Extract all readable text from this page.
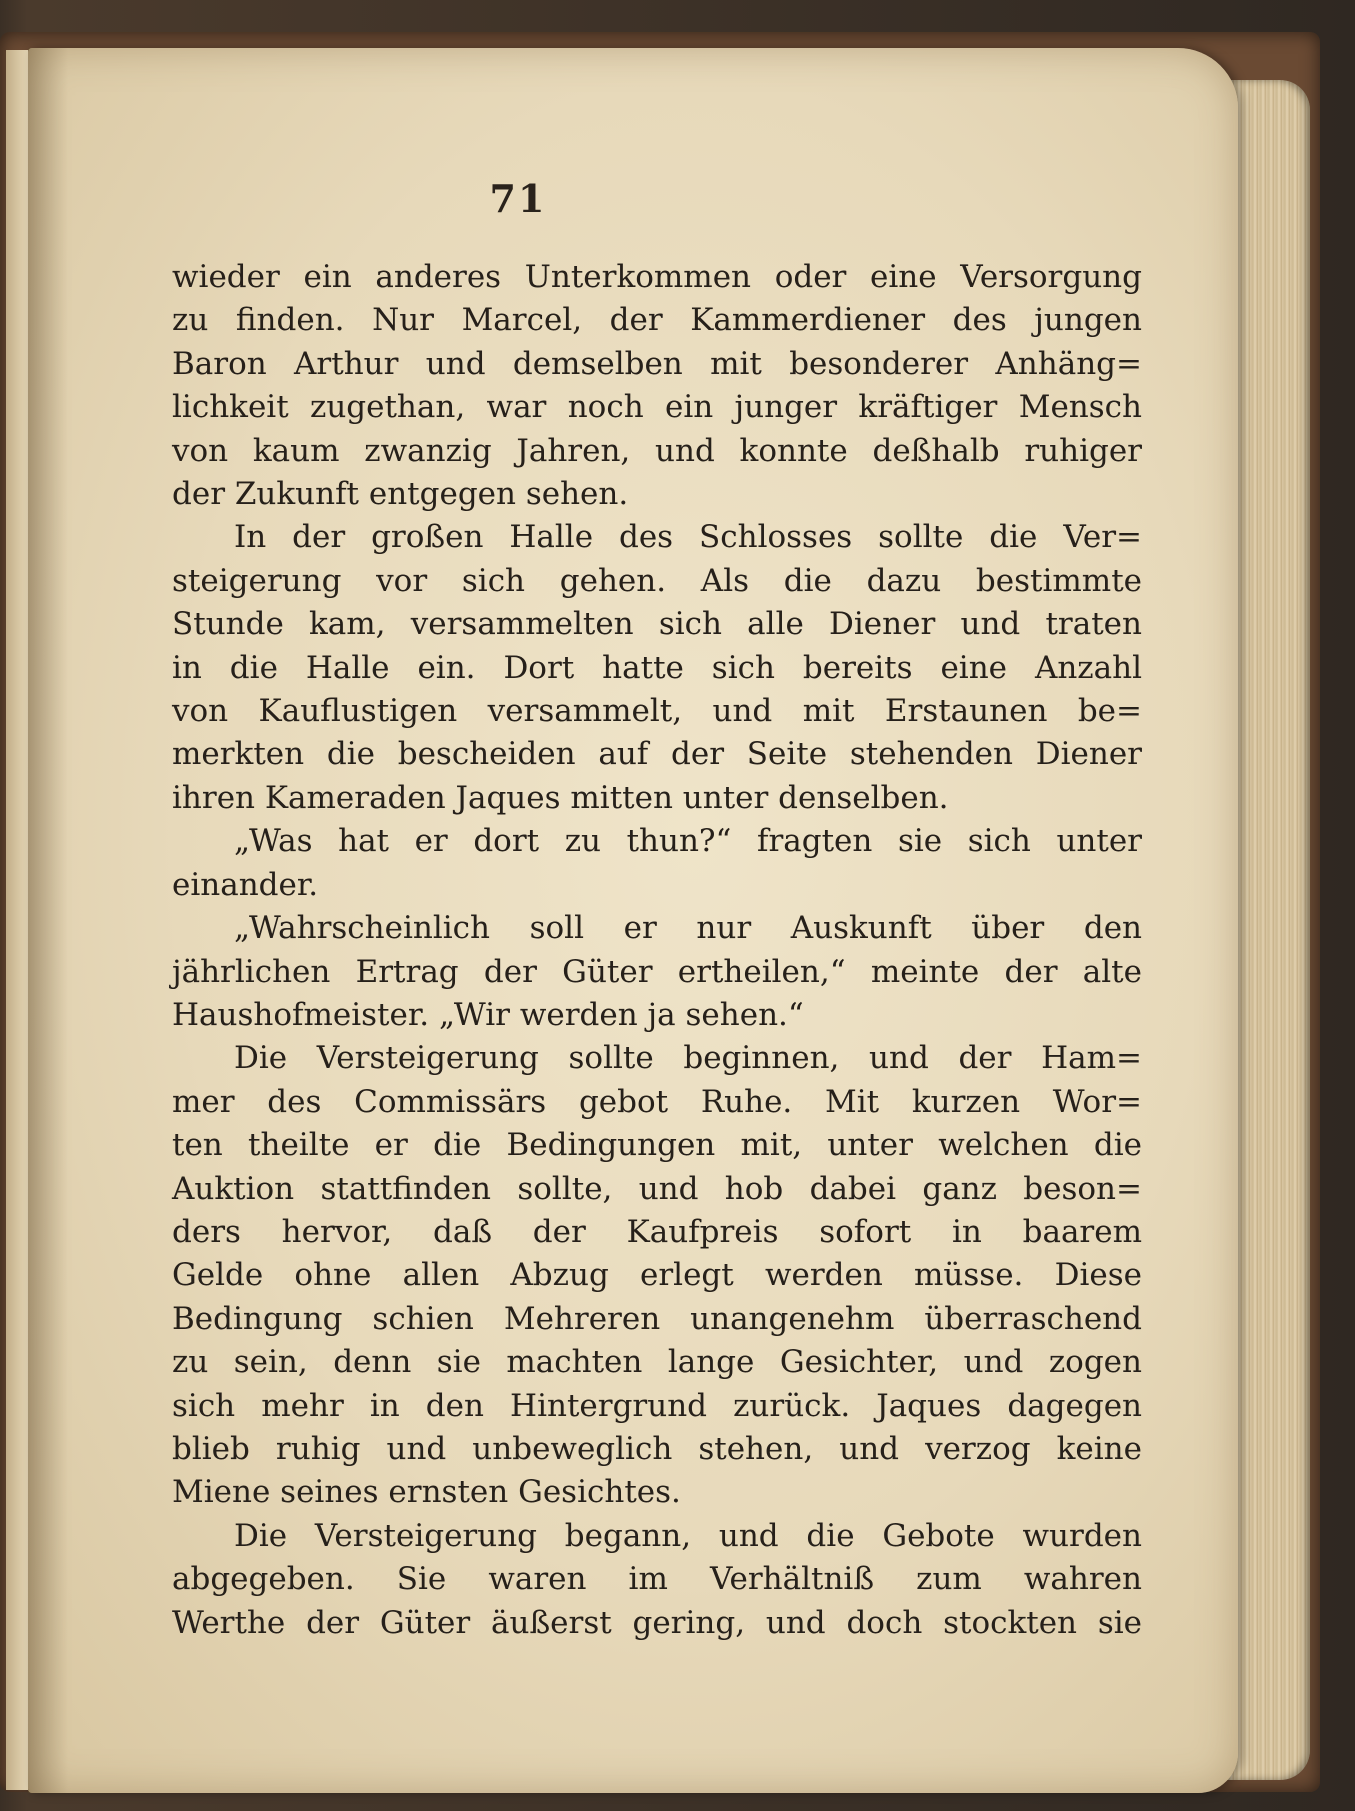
71
wieder ein anderes Unterkommen oder eine Versorgung
zu finden. Nur Marcel, der Kammerdiener des jungen
Baron Arthur und demselben mit besonderer Anhäng=
lichkeit zugethan, war noch ein junger kräftiger Mensch
von kaum zwanzig Jahren, und konnte deßhalb ruhiger
der Zukunft entgegen sehen.
In der großen Halle des Schlosses sollte die Ver=
steigerung vor sich gehen. Als die dazu bestimmte
Stunde kam, versammelten sich alle Diener und traten
in die Halle ein. Dort hatte sich bereits eine Anzahl
von Kauflustigen versammelt, und mit Erstaunen be=
merkten die bescheiden auf der Seite stehenden Diener
ihren Kameraden Jaques mitten unter denselben.
„Was hat er dort zu thun?“ fragten sie sich unter
einander.
„Wahrscheinlich soll er nur Auskunft über den
jährlichen Ertrag der Güter ertheilen,“ meinte der alte
Haushofmeister. „Wir werden ja sehen.“
Die Versteigerung sollte beginnen, und der Ham=
mer des Commissärs gebot Ruhe. Mit kurzen Wor=
ten theilte er die Bedingungen mit, unter welchen die
Auktion stattfinden sollte, und hob dabei ganz beson=
ders hervor, daß der Kaufpreis sofort in baarem
Gelde ohne allen Abzug erlegt werden müsse. Diese
Bedingung schien Mehreren unangenehm überraschend
zu sein, denn sie machten lange Gesichter, und zogen
sich mehr in den Hintergrund zurück. Jaques dagegen
blieb ruhig und unbeweglich stehen, und verzog keine
Miene seines ernsten Gesichtes.
Die Versteigerung begann, und die Gebote wurden
abgegeben. Sie waren im Verhältniß zum wahren
Werthe der Güter äußerst gering, und doch stockten sie
